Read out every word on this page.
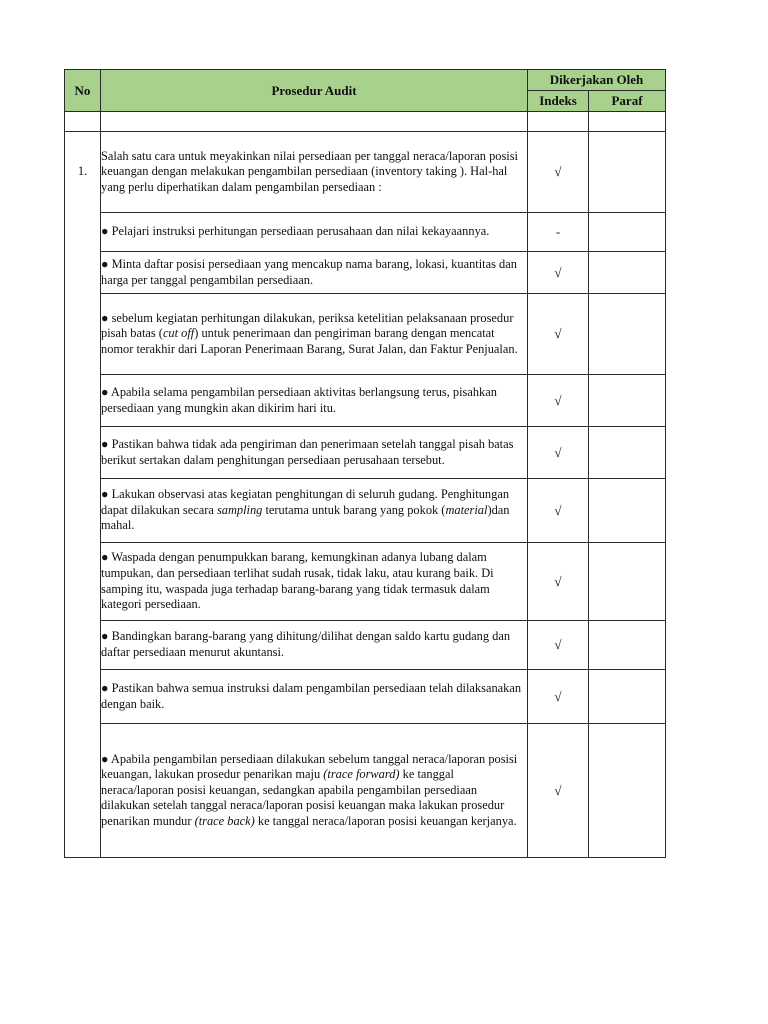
No	Prosedur Audit	Dikerjakan Oleh	
		Indeks	Paraf

1.	Salah satu cara untuk meyakinkan nilai persediaan per tanggal neraca/laporan posisi keuangan dengan melakukan pengambilan persediaan (inventory taking ). Hal-hal yang perlu diperhatikan dalam pengambilan persediaan :	√	
	● Pelajari instruksi perhitungan persediaan perusahaan dan nilai kekayaannya.	-	
	● Minta daftar posisi persediaan yang mencakup nama barang, lokasi, kuantitas dan harga per tanggal pengambilan persediaan.	√	
	● sebelum kegiatan perhitungan dilakukan, periksa ketelitian pelaksanaan prosedur pisah batas (cut off) untuk penerimaan dan pengiriman barang dengan mencatat nomor terakhir dari Laporan Penerimaan Barang, Surat Jalan, dan Faktur Penjualan.	√	
	● Apabila selama pengambilan persediaan aktivitas berlangsung terus, pisahkan persediaan yang mungkin akan dikirim hari itu.	√	
	● Pastikan bahwa tidak ada pengiriman dan penerimaan setelah tanggal pisah batas berikut sertakan dalam penghitungan persediaan perusahaan tersebut.	√	
	● Lakukan observasi atas kegiatan penghitungan di seluruh gudang. Penghitungan dapat dilakukan secara sampling terutama untuk barang yang pokok (material)dan mahal.	√	
	● Waspada dengan penumpukkan barang, kemungkinan adanya lubang dalam tumpukan, dan persediaan terlihat sudah rusak, tidak laku, atau kurang baik. Di samping itu, waspada juga terhadap barang-barang yang tidak termasuk dalam kategori persediaan.	√	
	● Bandingkan barang-barang yang dihitung/dilihat dengan saldo kartu gudang dan daftar persediaan menurut akuntansi.	√	
	● Pastikan bahwa semua instruksi dalam pengambilan persediaan telah dilaksanakan dengan baik.	√	
	● Apabila pengambilan persediaan dilakukan sebelum tanggal neraca/laporan posisi keuangan, lakukan prosedur penarikan maju (trace forward) ke tanggal neraca/laporan posisi keuangan, sedangkan apabila pengambilan persediaan dilakukan setelah tanggal neraca/laporan posisi keuangan maka lakukan prosedur penarikan mundur (trace back) ke tanggal neraca/laporan posisi keuangan kerjanya.	√	
